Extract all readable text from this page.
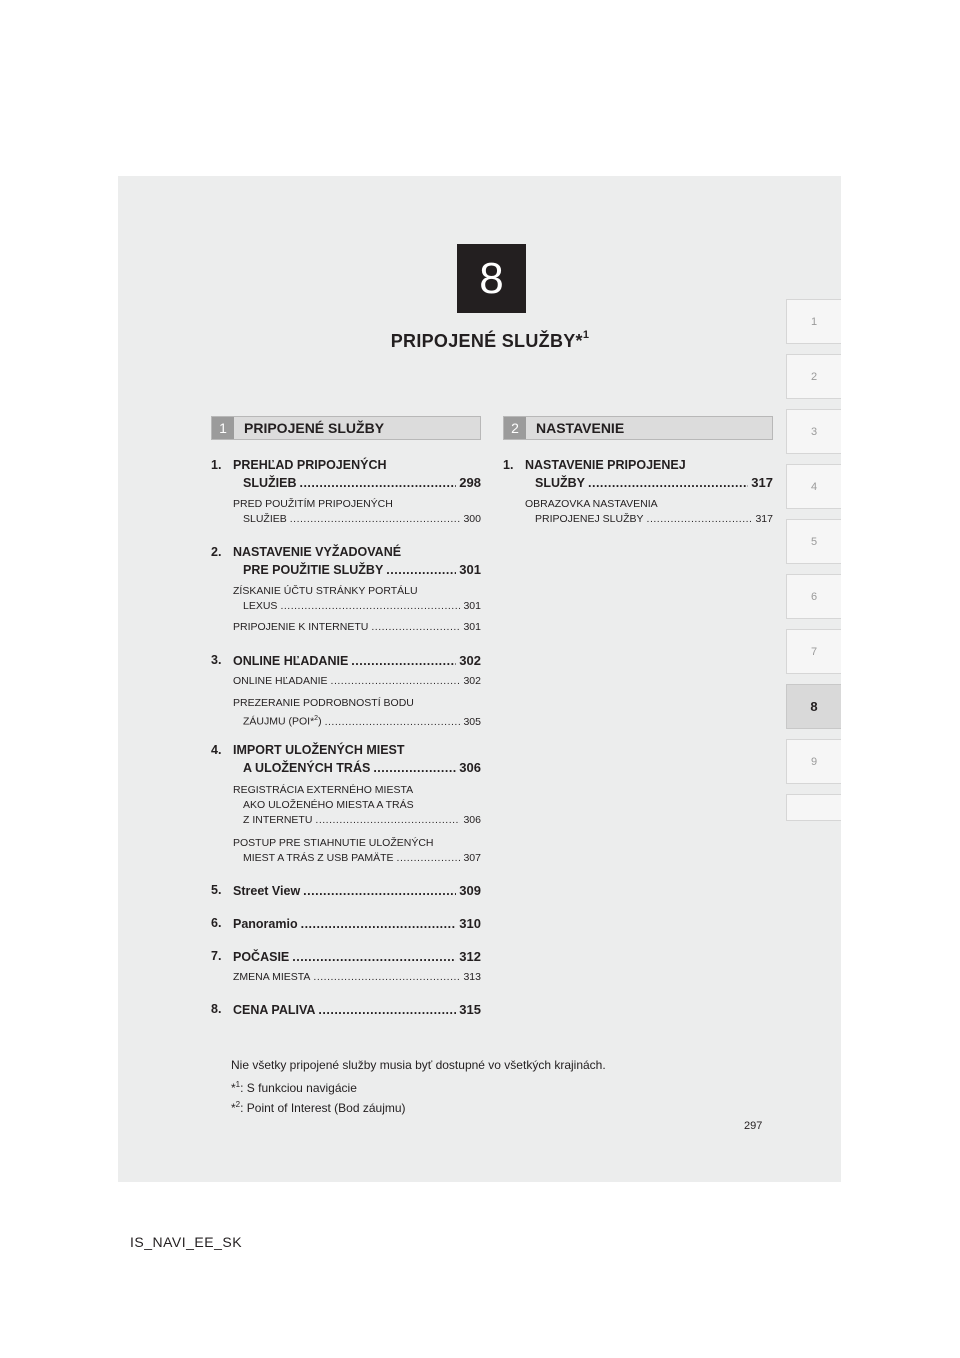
8
PRIPOJENÉ SLUŽBY*$^1$
1
2
3
4
5
6
7
8
9
1	PRIPOJENÉ SLUŽBY	2	NASTAVENIE
1. PREHĽAD PRIPOJENÝCH
SLUŽIEB .....	298
PRED POUŽITÍM PRIPOJENÝCH
SLUŽIEB .....	300
2. NASTAVENIE VYŽADOVANÉ
PRE POUŽITIE SLUŽBY .....	301
ZÍSKANIE ÚČTU STRÁNKY PORTÁLU
LEXUS .....	301
PRIPOJENIE K INTERNETU .....	301
3. ONLINE HĽADANIE .....	302
ONLINE HĽADANIE .....	302
PREZERANIE PODROBNOSTÍ BODU
ZÁUJMU (POI*$^2$) .....	305
4. IMPORT ULOŽENÝCH MIEST
A ULOŽENÝCH TRÁS .....	306
REGISTRÁCIA EXTERNÉHO MIESTA
AKO ULOŽENÉHO MIESTA A TRÁS
Z INTERNETU .....	306
POSTUP PRE STIAHNUTIE ULOŽENÝCH
MIEST A TRÁS Z USB PAMÄTE .....	307
5. Street View .....	309
6. Panoramio .....	310
7. POČASIE .....	312
ZMENA MIESTA .....	313
8. CENA PALIVA .....	315
1. NASTAVENIE PRIPOJENEJ
SLUŽBY .....	317
OBRAZOVKA NASTAVENIA
PRIPOJENEJ SLUŽBY .....	317
Nie všetky pripojené služby musia byť dostupné vo všetkých krajinách.
*$^1$: S funkciou navigácie
*$^2$: Point of Interest (Bod záujmu)
297
IS_NAVI_EE_SK
